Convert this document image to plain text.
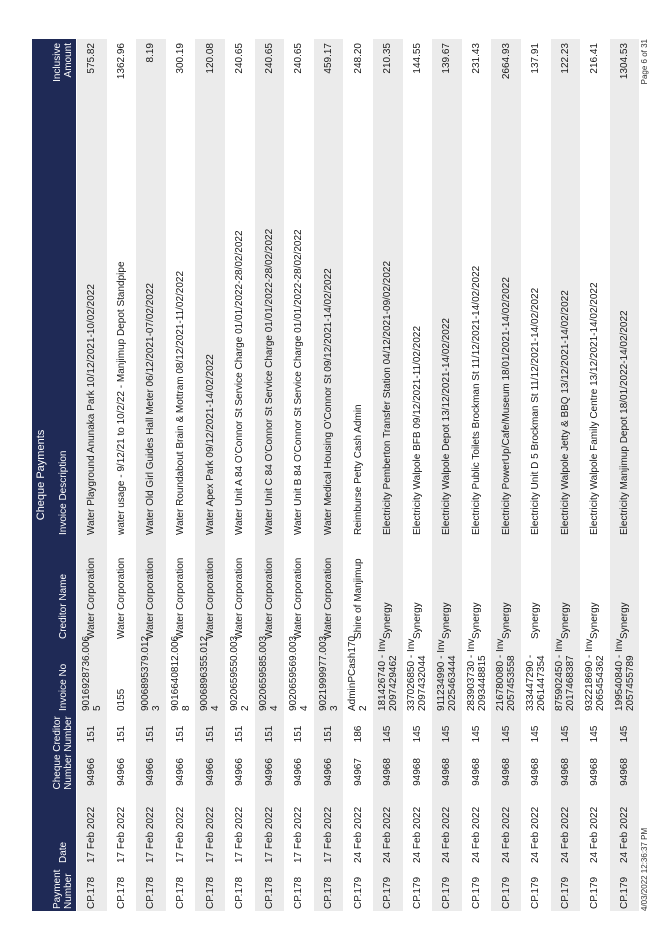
Cheque Payments
Payment Number
Date
Cheque Number
Creditor Number
Invoice No
Creditor Name
Invoice Description
Inclusive Amount
CP.178
17 Feb 2022
94966
151
9016928736.006 5
Water Corporation
Water Playground Anunaka Park 10/12/2021-10/02/2022
575.82
CP.178
17 Feb 2022
94966
151
0155
Water Corporation
water usage - 9/12/21 to 10/2/22 - Manjimup Depot Standpipe
1362.96
CP.178
17 Feb 2022
94966
151
9006895379.012 3
Water Corporation
Water Old Girl Guides Hall Meter 06/12/2021-07/02/2022
8.19
CP.178
17 Feb 2022
94966
151
9016640812.006 8
Water Corporation
Water Roundabout Brain & Mottram 08/12/2021-11/02/2022
300.19
CP.178
17 Feb 2022
94966
151
9006896355.012 4
Water Corporation
Water Apex Park 09/12/2021-14/02/2022
120.08
CP.178
17 Feb 2022
94966
151
9020659550.003 2
Water Corporation
Water Unit A 84 O'Connor St Service Charge 01/01/2022-28/02/2022
240.65
CP.178
17 Feb 2022
94966
151
9020659585.003 4
Water Corporation
Water Unit C 84 O'Connor St Service Charge 01/01/2022-28/02/2022
240.65
CP.178
17 Feb 2022
94966
151
9020659569.003 4
Water Corporation
Water Unit B 84 O'Connor St Service Charge 01/01/2022-28/02/2022
240.65
CP.178
17 Feb 2022
94966
151
9021999977.003 3
Water Corporation
Water Medical Housing O'Connor St 09/12/2021-14/02/2022
459.17
CP.179
24 Feb 2022
94967
186
AdminPCash170 2
Shire of Manjimup
Reimburse Petty Cash Admin
248.20
CP.179
24 Feb 2022
94968
145
181426740 - Inv 2097429462
Synergy
Electricity Pemberton Transfer Station 04/12/2021-09/02/2022
210.35
CP.179
24 Feb 2022
94968
145
337026850 - Inv 2097432044
Synergy
Electricity Walpole BFB 09/12/2021-11/02/2022
144.55
CP.179
24 Feb 2022
94968
145
911234990 - Inv 2025463444
Synergy
Electricity Walpole Depot 13/12/2021-14/02/2022
139.67
CP.179
24 Feb 2022
94968
145
283903730 - Inv 2093448815
Synergy
Electricity Public Toilets Brockman St 11/12/2021-14/02/2022
231.43
CP.179
24 Feb 2022
94968
145
216780080 - Inv 2057453558
Synergy
Electricity PowerUp/Cafe/Museum 18/01/2021-14/02/2022
2664.93
CP.179
24 Feb 2022
94968
145
333447290 - 2061447354
Synergy
Electricity Unit D 5 Brockman St 11/12/2021-14/02/2022
137.91
CP.179
24 Feb 2022
94968
145
875902450 - Inv 2017468387
Synergy
Electricity Walpole Jetty & BBQ 13/12/2021-14/02/2022
122.23
CP.179
24 Feb 2022
94968
145
932218690 - Inv 2065454362
Synergy
Electricity Walpole Family Centre 13/12/2021-14/02/2022
216.41
CP.179
24 Feb 2022
94968
145
199540840 - Inv 2057455789
Synergy
Electricity Manjimup Depot 18/01/2022-14/02/2022
1304.53
4/03/2022 12:36:37 PM
Page 6 of 31
